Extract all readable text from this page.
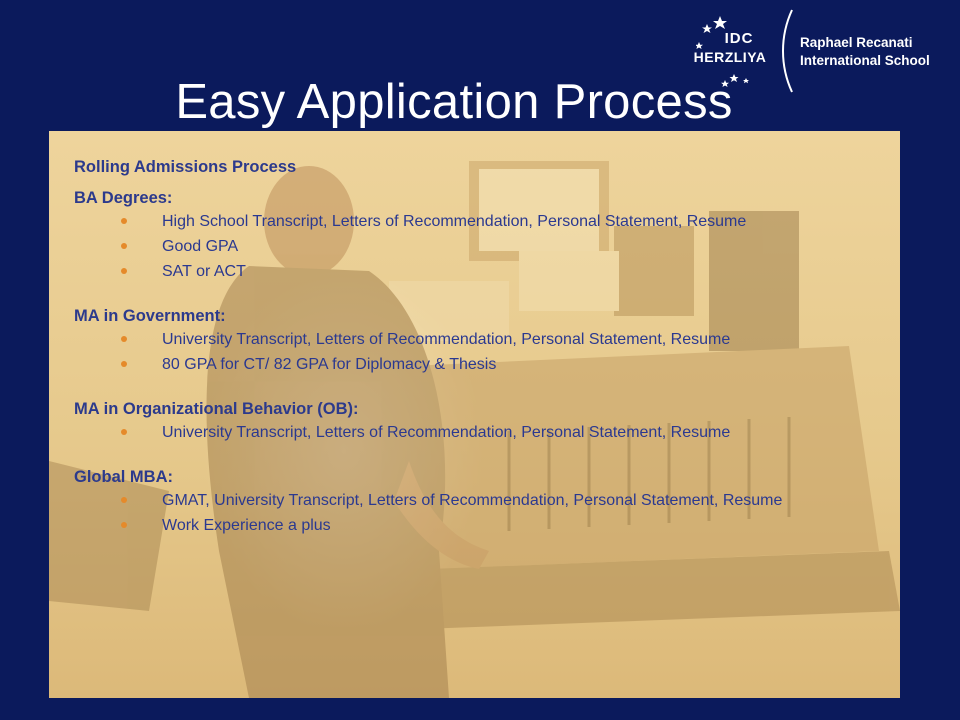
IDC
HERZLIYA
Raphael Recanati
International School
Easy Application Process
Rolling Admissions Process
BA Degrees:
High School Transcript, Letters of Recommendation, Personal Statement, Resume
Good GPA
SAT or ACT
MA in Government:
University Transcript, Letters of Recommendation, Personal Statement, Resume
80 GPA for CT/ 82 GPA for Diplomacy & Thesis
MA in Organizational Behavior (OB):
University Transcript, Letters of Recommendation, Personal Statement, Resume
Global MBA:
GMAT, University Transcript, Letters of Recommendation, Personal Statement, Resume
Work Experience a plus
